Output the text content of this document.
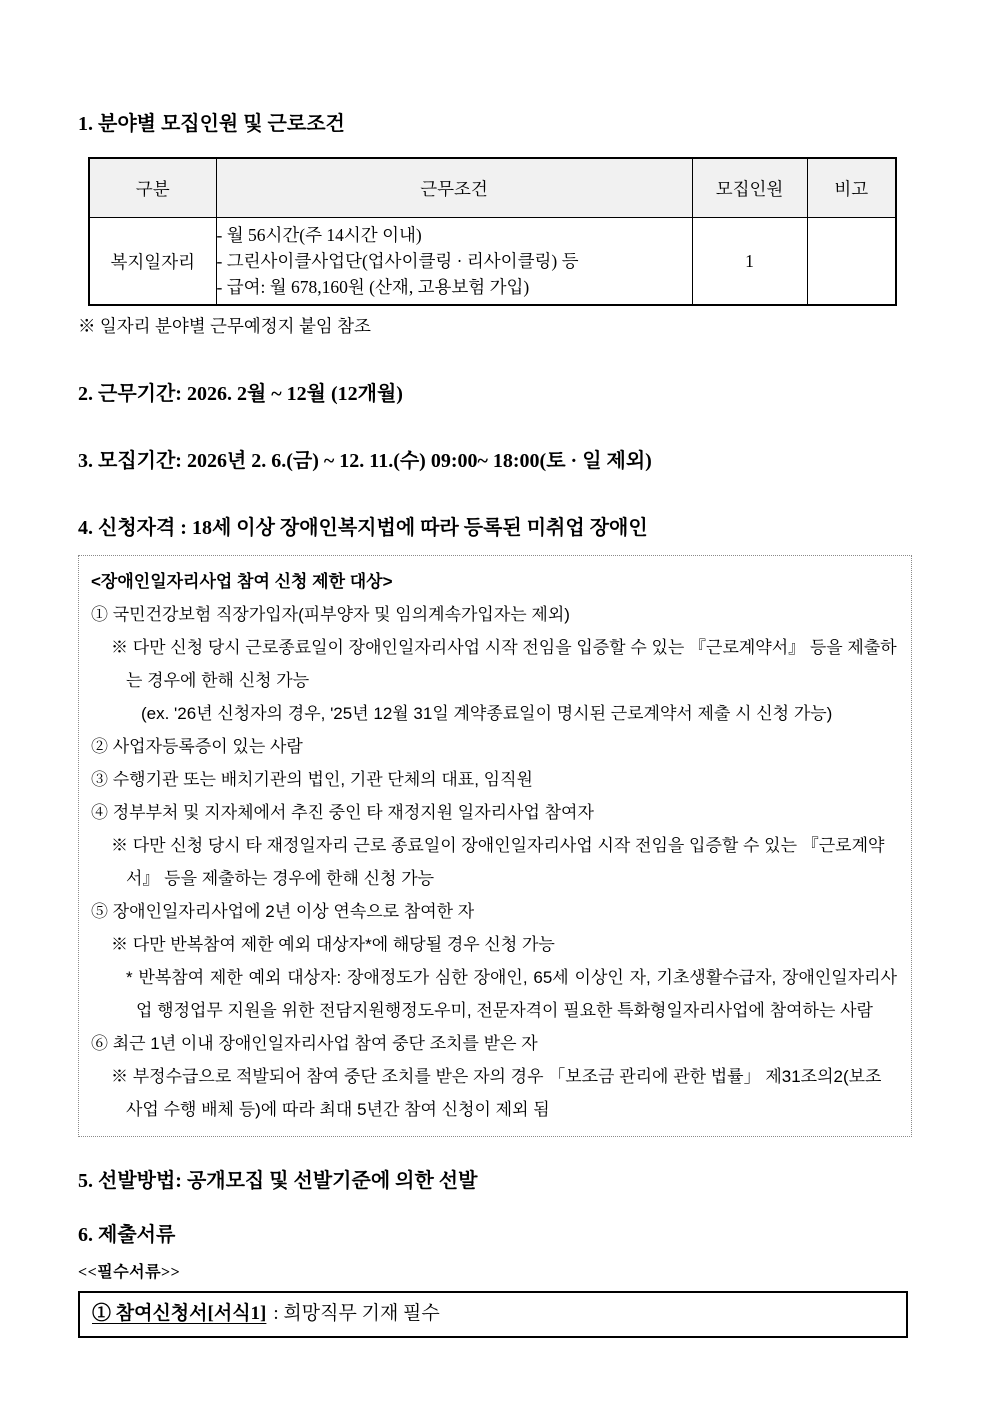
1. 분야별 모집인원 및 근로조건
구분	근무조건	모집인원	비고
복지일자리	- 월 56시간(주 14시간 이내)
- 그린사이클사업단(업사이클링 · 리사이클링) 등
- 급여: 월 678,160원 (산재, 고용보험 가입)	1	

※ 일자리 분야별 근무예정지 붙임 참조

2. 근무기간: 2026. 2월 ~ 12월 (12개월)
3. 모집기간: 2026년 2. 6.(금) ~ 12. 11.(수) 09:00~ 18:00(토 · 일 제외)
4. 신청자격 : 18세 이상 장애인복지법에 따라 등록된 미취업 장애인

<장애인일자리사업 참여 신청 제한 대상>

① 국민건강보험 직장가입자(피부양자 및 임의계속가입자는 제외)

※ 다만 신청 당시 근로종료일이 장애인일자리사업 시작 전임을 입증할 수 있는 『근로계약서』 등을 제출하는 경우에 한해 신청 가능

(ex. '26년 신청자의 경우, '25년 12월 31일 계약종료일이 명시된 근로계약서 제출 시 신청 가능)

② 사업자등록증이 있는 사람

③ 수행기관 또는 배치기관의 법인, 기관 단체의 대표, 임직원

④ 정부부처 및 지자체에서 추진 중인 타 재정지원 일자리사업 참여자

※ 다만 신청 당시 타 재정일자리 근로 종료일이 장애인일자리사업 시작 전임을 입증할 수 있는 『근로계약서』 등을 제출하는 경우에 한해 신청 가능

⑤ 장애인일자리사업에 2년 이상 연속으로 참여한 자

※ 다만 반복참여 제한 예외 대상자*에 해당될 경우 신청 가능

* 반복참여 제한 예외 대상자: 장애정도가 심한 장애인, 65세 이상인 자, 기초생활수급자, 장애인일자리사업 행정업무 지원을 위한 전담지원행정도우미, 전문자격이 필요한 특화형일자리사업에 참여하는 사람

⑥ 최근 1년 이내 장애인일자리사업 참여 중단 조치를 받은 자

※ 부정수급으로 적발되어 참여 중단 조치를 받은 자의 경우 「보조금 관리에 관한 법률」 제31조의2(보조사업 수행 배체 등)에 따라 최대 5년간 참여 신청이 제외 됨

5. 선발방법: 공개모집 및 선발기준에 의한 선발
6. 제출서류

<<필수서류>>

① 참여신청서[서식1] : 희망직무 기재 필수
